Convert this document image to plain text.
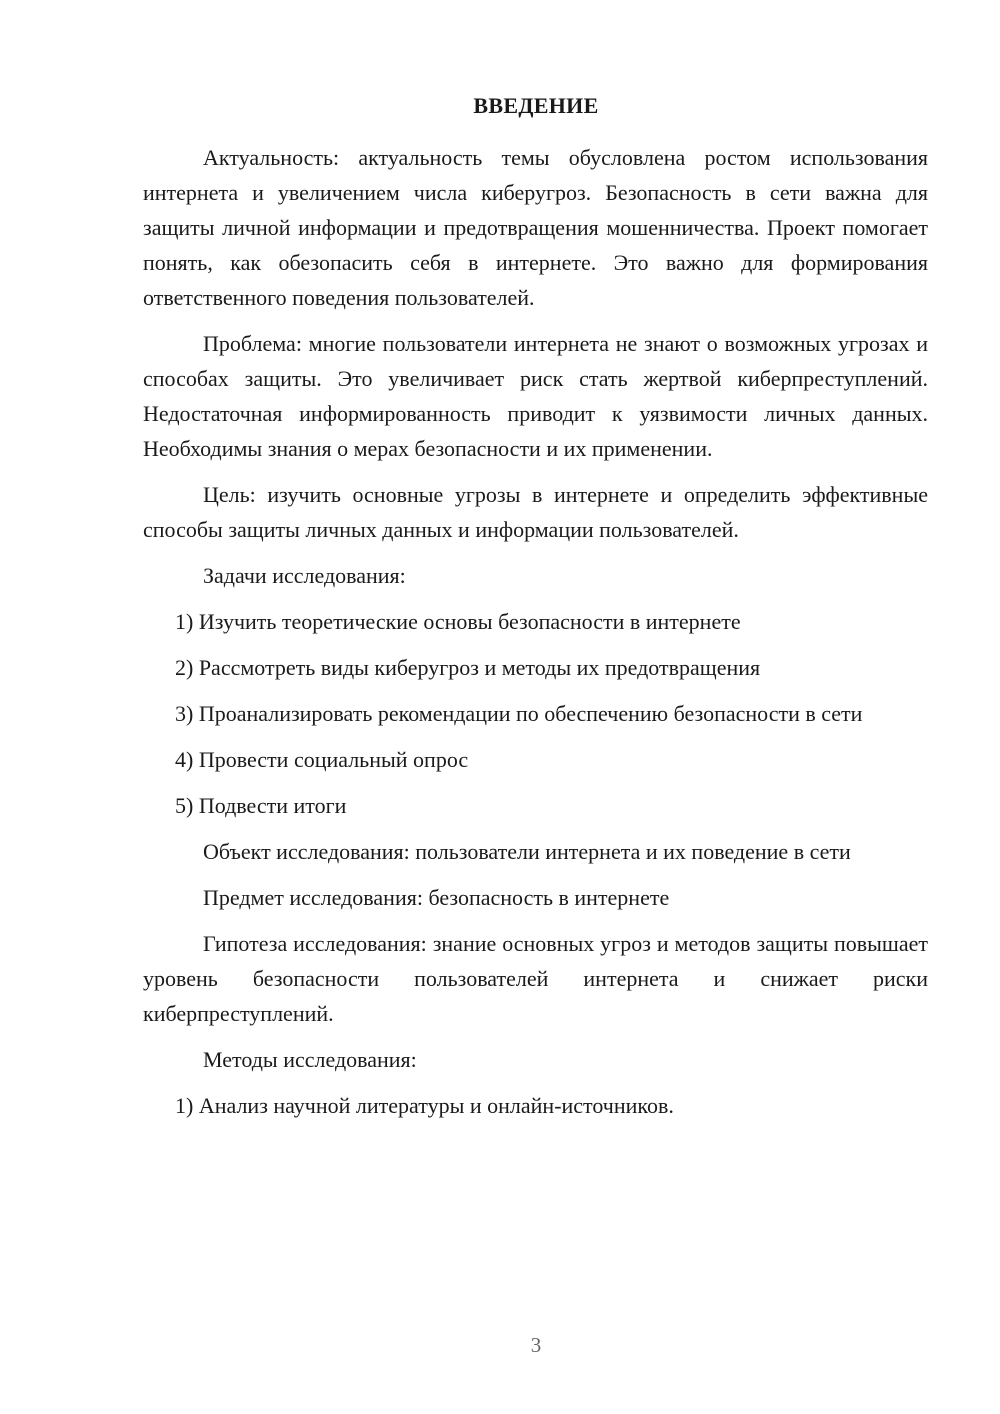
ВВЕДЕНИЕ

Актуальность: актуальность темы обусловлена ростом использования интернета и увеличением числа киберугроз. Безопасность в сети важна для защиты личной информации и предотвращения мошенничества. Проект помогает понять, как обезопасить себя в интернете. Это важно для формирования ответственного поведения пользователей.

Проблема: многие пользователи интернета не знают о возможных угрозах и способах защиты. Это увеличивает риск стать жертвой киберпреступлений. Недостаточная информированность приводит к уязвимости личных данных. Необходимы знания о мерах безопасности и их применении.

Цель: изучить основные угрозы в интернете и определить эффективные способы защиты личных данных и информации пользователей.

Задачи исследования:

1) Изучить теоретические основы безопасности в интернете

2) Рассмотреть виды киберугроз и методы их предотвращения

3) Проанализировать рекомендации по обеспечению безопасности в сети

4) Провести социальный опрос

5) Подвести итоги

Объект исследования: пользователи интернета и их поведение в сети

Предмет исследования: безопасность в интернете

Гипотеза исследования: знание основных угроз и методов защиты повышает уровень безопасности пользователей интернета и снижает риски киберпреступлений.

Методы исследования:

1) Анализ научной литературы и онлайн-источников.

3
